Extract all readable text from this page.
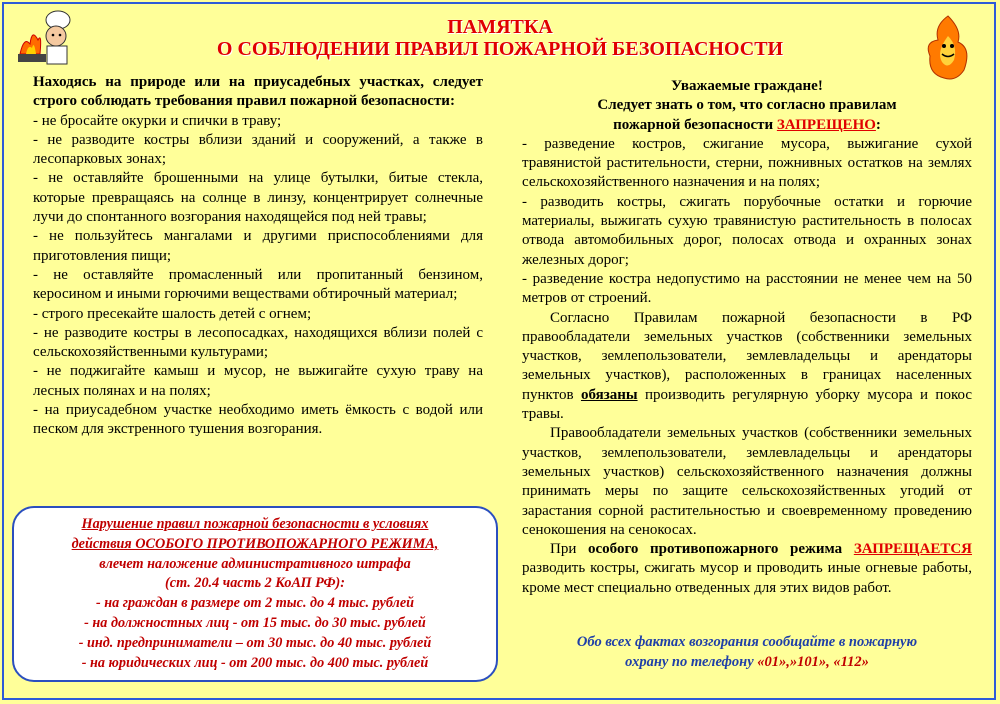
ПАМЯТКА
О СОБЛЮДЕНИИ ПРАВИЛ ПОЖАРНОЙ БЕЗОПАСНОСТИ

Находясь на природе или на приусадебных участках, следует строго соблюдать требования правил пожарной безопасности:

- не бросайте окурки и спички в траву;

- не разводите костры вблизи зданий и сооружений, а также в лесопарковых зонах;

- не оставляйте брошенными на улице бутылки, битые стекла, которые превращаясь на солнце в линзу, концентрирует солнечные лучи до спонтанного возгорания находящейся под ней травы;

- не пользуйтесь мангалами и другими приспособлениями для приготовления пищи;

- не оставляйте промасленный или пропитанный бензином, керосином и иными горючими веществами обтирочный материал;

- строго пресекайте шалость детей с огнем;

- не разводите костры в лесопосадках, находящихся вблизи полей с сельскохозяйственными культурами;

- не поджигайте камыш и мусор, не выжигайте сухую траву на лесных полянах и на полях;

- на приусадебном участке необходимо иметь ёмкость с водой или песком для экстренного тушения возгорания.

Нарушение правил пожарной безопасности в условиях
действия ОСОБОГО ПРОТИВОПОЖАРНОГО РЕЖИМА,
влечет наложение административного штрафа
(ст. 20.4 часть 2 КоАП РФ):
- на граждан в размере от 2 тыс. до 4 тыс. рублей
- на должностных лиц - от 15 тыс. до 30 тыс. рублей
- инд. предприниматели – от 30 тыс. до 40 тыс. рублей
- на юридических лиц - от 200 тыс. до 400 тыс. рублей

Уважаемые граждане!

Следует знать о том, что согласно правилам

пожарной безопасности ЗАПРЕЩЕНО:

- разведение костров, сжигание мусора, выжигание сухой травянистой растительности, стерни, пожнивных остатков на землях сельскохозяйственного назначения и на полях;

- разводить костры, сжигать порубочные остатки и горючие материалы, выжигать сухую травянистую растительность в полосах отвода автомобильных дорог, полосах отвода и охранных зонах железных дорог;

- разведение костра недопустимо на расстоянии не менее чем на 50 метров от строений.

Согласно Правилам пожарной безопасности в РФ правообладатели земельных участков (собственники земельных участков, землепользователи, землевладельцы и арендаторы земельных участков), расположенных в границах населенных пунктов обязаны производить регулярную уборку мусора и покос травы.

Правообладатели земельных участков (собственники земельных участков, землепользователи, землевладельцы и арендаторы земельных участков) сельскохозяйственного назначения должны принимать меры по защите сельскохозяйственных угодий от зарастания сорной растительностью и своевременному проведению сенокошения на сенокосах.

При особого противопожарного режима ЗАПРЕЩАЕТСЯ разводить костры, сжигать мусор и проводить иные огневые работы, кроме мест специально отведенных для этих видов работ.

Обо всех фактах возгорания сообщайте в пожарную
охрану по телефону «01»,»101», «112»
